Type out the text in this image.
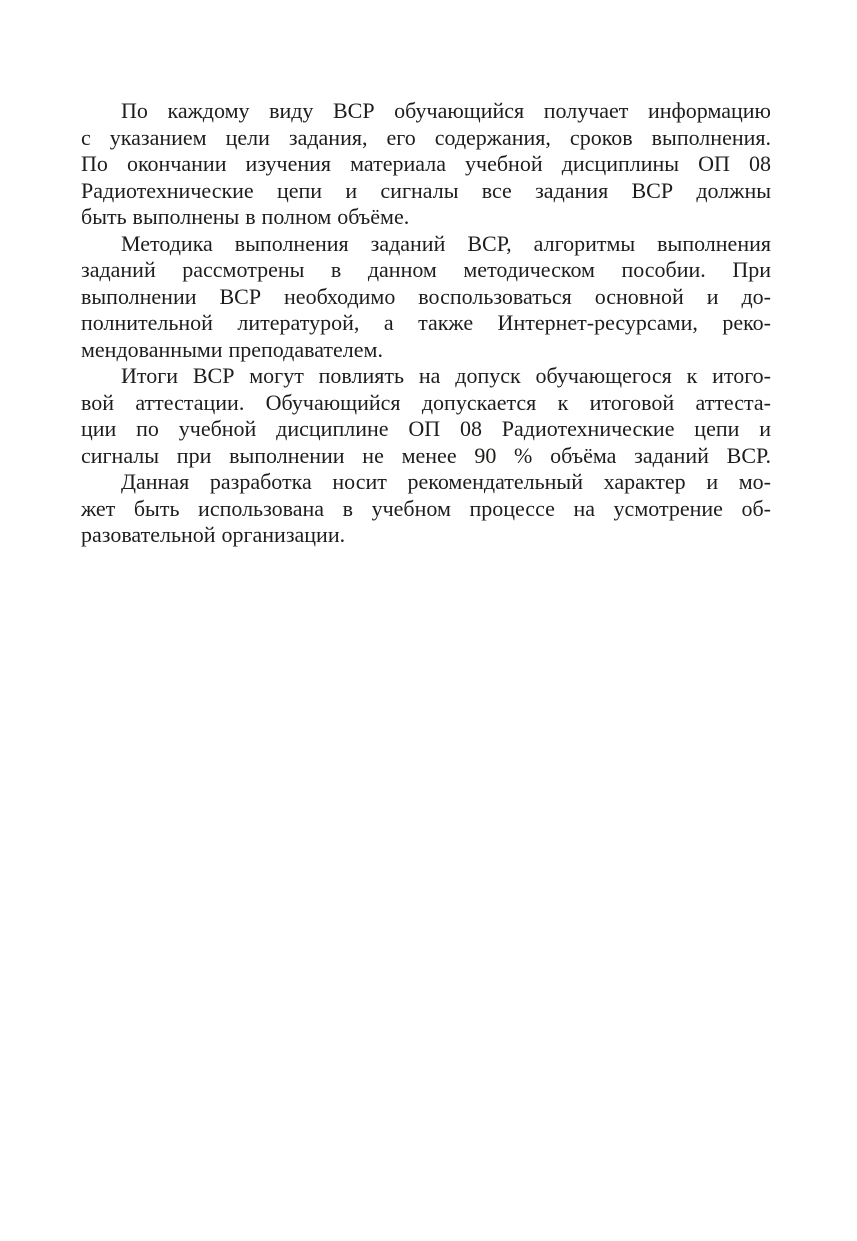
По каждому виду ВСР обучающийся получает информацию
с указанием цели задания, его содержания, сроков выполнения.
По окончании изучения материала учебной дисциплины ОП 08
Радиотехнические цепи и сигналы все задания ВСР должны
быть выполнены в полном объёме.
Методика выполнения заданий ВСР, алгоритмы выполнения
заданий рассмотрены в данном методическом пособии. При
выполнении ВСР необходимо воспользоваться основной и до-
полнительной литературой, а также Интернет-ресурсами, реко-
мендованными преподавателем.
Итоги ВСР могут повлиять на допуск обучающегося к итого-
вой аттестации. Обучающийся допускается к итоговой аттеста-
ции по учебной дисциплине ОП 08 Радиотехнические цепи и
сигналы при выполнении не менее 90 % объёма заданий ВСР.
Данная разработка носит рекомендательный характер и мо-
жет быть использована в учебном процессе на усмотрение об-
разовательной организации.
